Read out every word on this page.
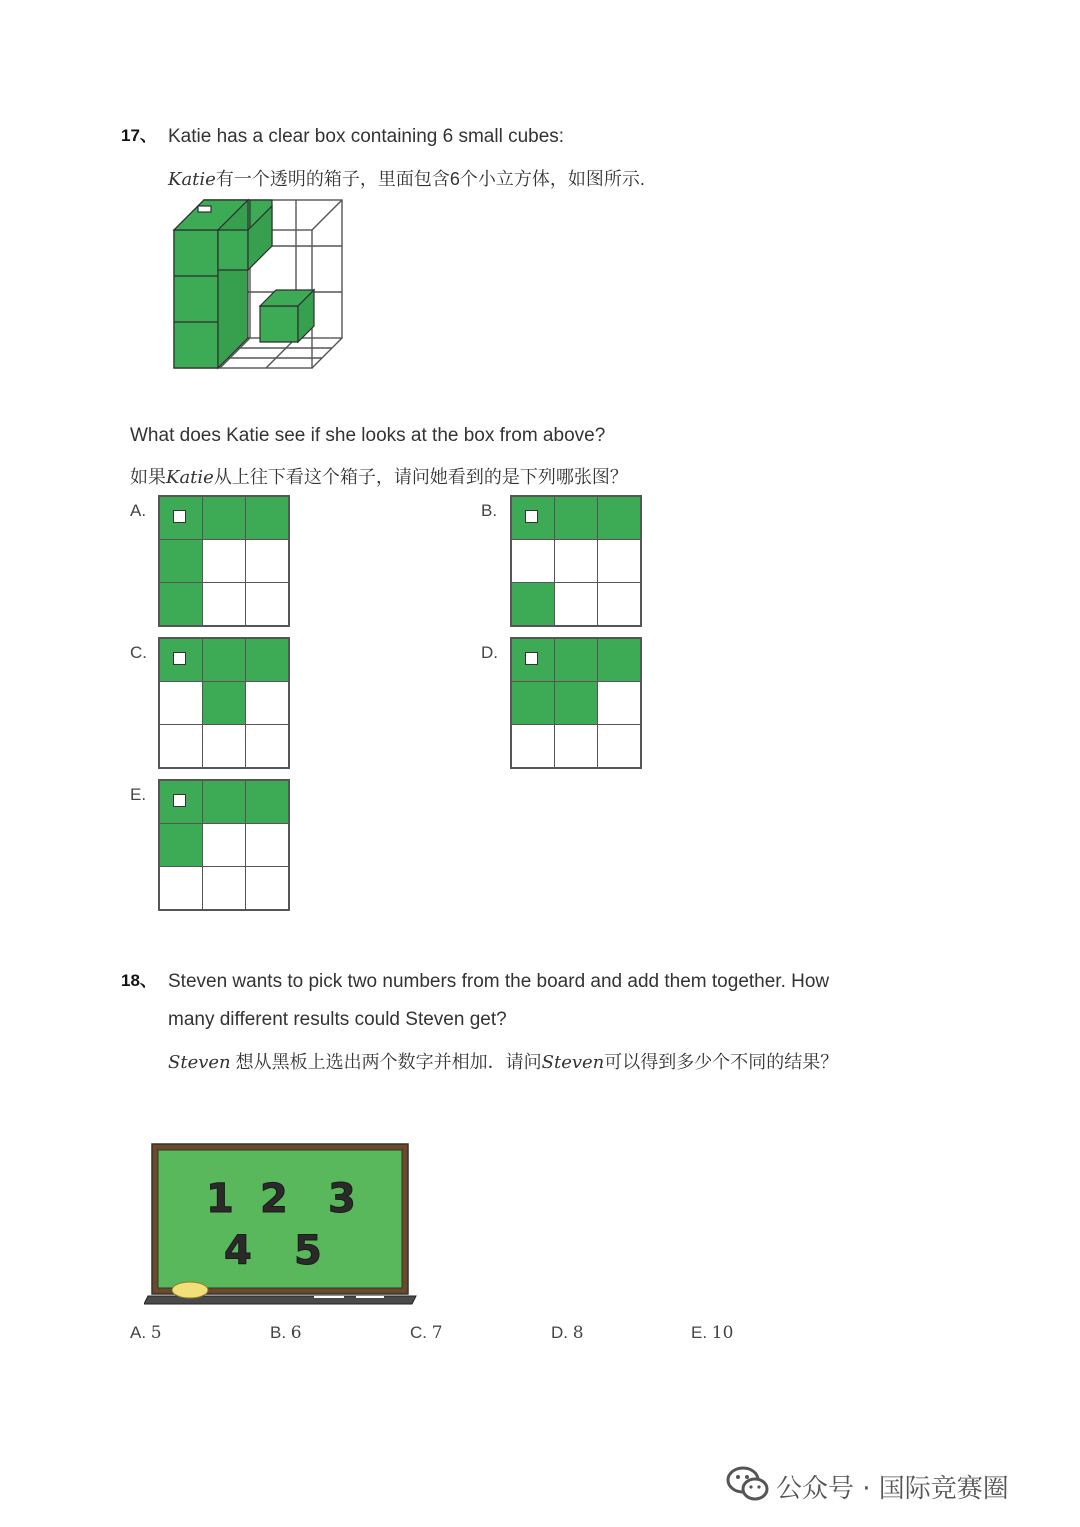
17、 Katie has a clear box containing 6 small cubes:
Katie有一个透明的箱子，里面包含6个小立方体，如图所示.
What does Katie see if she looks at the box from above?
如果Katie从上往下看这个箱子，请问她看到的是下列哪张图？
A.	B.
C.	D.
E.
18、 Steven wants to pick two numbers from the board and add them together. How
many different results could Steven get?
Steven 想从黑板上选出两个数字并相加．请问Steven可以得到多少个不同的结果？
1 2 3
4 5
A. 5	B. 6	C. 7	D. 8	E. 10
公众号 · 国际竞赛圈
